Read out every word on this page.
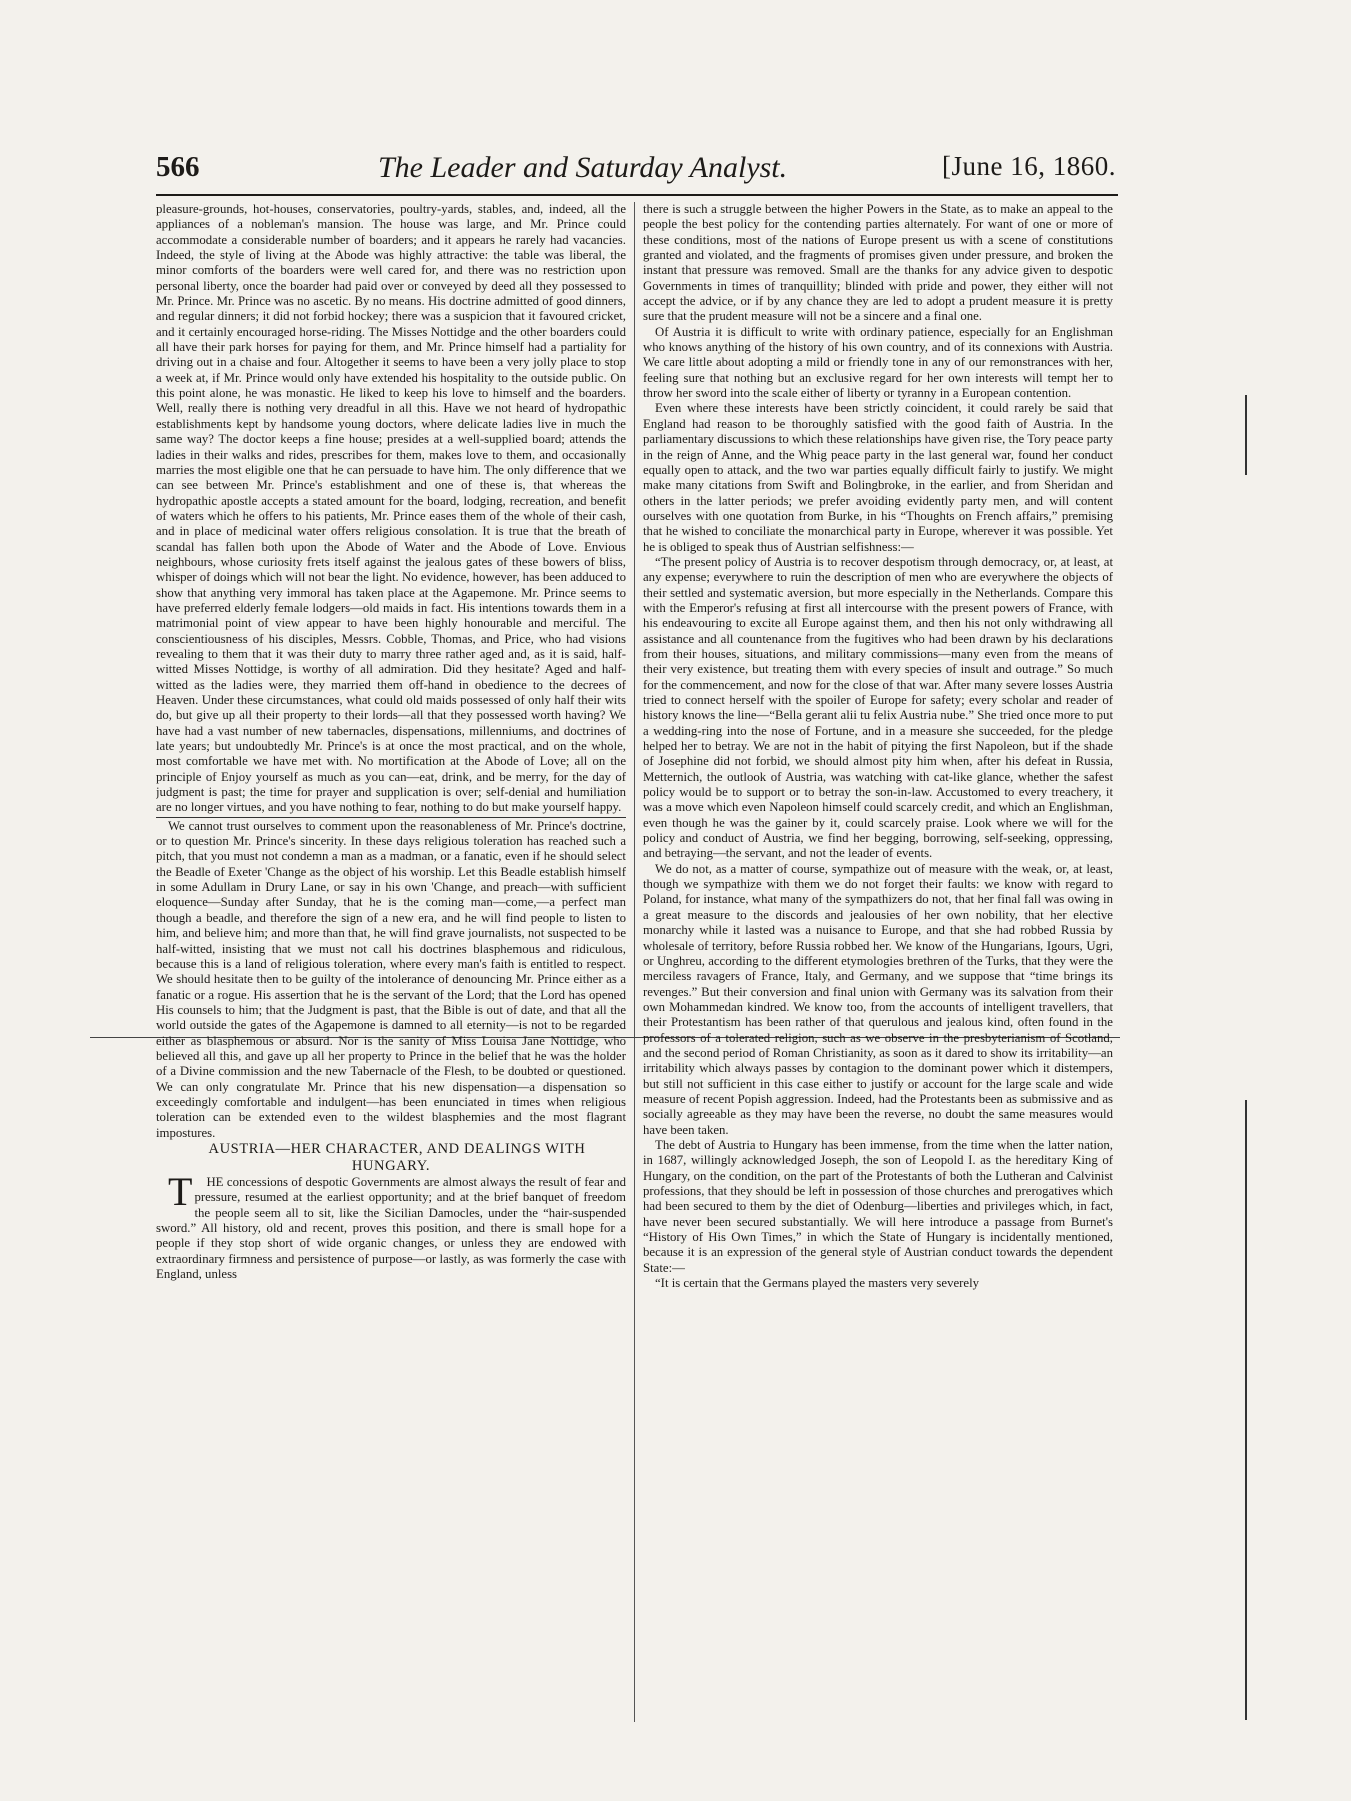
566	The Leader and Saturday Analyst.	[June 16, 1860.

pleasure-grounds, hot-houses, conservatories, poultry-yards, stables, and, indeed, all the appliances of a nobleman's mansion. The house was large, and Mr. Prince could accommodate a considerable number of boarders; and it appears he rarely had vacancies. Indeed, the style of living at the Abode was highly attractive: the table was liberal, the minor comforts of the boarders were well cared for, and there was no restriction upon personal liberty, once the boarder had paid over or conveyed by deed all they possessed to Mr. Prince. Mr. Prince was no ascetic. By no means. His doctrine admitted of good dinners, and regular dinners; it did not forbid hockey; there was a suspicion that it favoured cricket, and it certainly encouraged horse-riding. The Misses Nottidge and the other boarders could all have their park horses for paying for them, and Mr. Prince himself had a partiality for driving out in a chaise and four. Altogether it seems to have been a very jolly place to stop a week at, if Mr. Prince would only have extended his hospitality to the outside public. On this point alone, he was monastic. He liked to keep his love to himself and the boarders. Well, really there is nothing very dreadful in all this. Have we not heard of hydropathic establishments kept by handsome young doctors, where delicate ladies live in much the same way? The doctor keeps a fine house; presides at a well-supplied board; attends the ladies in their walks and rides, prescribes for them, makes love to them, and occasionally marries the most eligible one that he can persuade to have him. The only difference that we can see between Mr. Prince's establishment and one of these is, that whereas the hydropathic apostle accepts a stated amount for the board, lodging, recreation, and benefit of waters which he offers to his patients, Mr. Prince eases them of the whole of their cash, and in place of medicinal water offers religious consolation. It is true that the breath of scandal has fallen both upon the Abode of Water and the Abode of Love. Envious neighbours, whose curiosity frets itself against the jealous gates of these bowers of bliss, whisper of doings which will not bear the light. No evidence, however, has been adduced to show that anything very immoral has taken place at the Agapemone. Mr. Prince seems to have preferred elderly female lodgers—old maids in fact. His intentions towards them in a matrimonial point of view appear to have been highly honourable and merciful. The conscientiousness of his disciples, Messrs. Cobble, Thomas, and Price, who had visions revealing to them that it was their duty to marry three rather aged and, as it is said, half-witted Misses Nottidge, is worthy of all admiration. Did they hesitate? Aged and half-witted as the ladies were, they married them off-hand in obedience to the decrees of Heaven. Under these circumstances, what could old maids possessed of only half their wits do, but give up all their property to their lords—all that they possessed worth having? We have had a vast number of new tabernacles, dispensations, millenniums, and doctrines of late years; but undoubtedly Mr. Prince's is at once the most practical, and on the whole, most comfortable we have met with. No mortification at the Abode of Love; all on the principle of Enjoy yourself as much as you can—eat, drink, and be merry, for the day of judgment is past; the time for prayer and supplication is over; self-denial and humiliation are no longer virtues, and you have nothing to fear, nothing to do but make yourself happy.

We cannot trust ourselves to comment upon the reasonableness of Mr. Prince's doctrine, or to question Mr. Prince's sincerity. In these days religious toleration has reached such a pitch, that you must not condemn a man as a madman, or a fanatic, even if he should select the Beadle of Exeter 'Change as the object of his worship. Let this Beadle establish himself in some Adullam in Drury Lane, or say in his own 'Change, and preach—with sufficient eloquence—Sunday after Sunday, that he is the coming man—come,—a perfect man though a beadle, and therefore the sign of a new era, and he will find people to listen to him, and believe him; and more than that, he will find grave journalists, not suspected to be half-witted, insisting that we must not call his doctrines blasphemous and ridiculous, because this is a land of religious toleration, where every man's faith is entitled to respect. We should hesitate then to be guilty of the intolerance of denouncing Mr. Prince either as a fanatic or a rogue. His assertion that he is the servant of the Lord; that the Lord has opened His counsels to him; that the Judgment is past, that the Bible is out of date, and that all the world outside the gates of the Agapemone is damned to all eternity—is not to be regarded either as blasphemous or absurd. Nor is the sanity of Miss Louisa Jane Nottidge, who believed all this, and gave up all her property to Prince in the belief that he was the holder of a Divine commission and the new Tabernacle of the Flesh, to be doubted or questioned. We can only congratulate Mr. Prince that his new dispensation—a dispensation so exceedingly comfortable and indulgent—has been enunciated in times when religious toleration can be extended even to the wildest blasphemies and the most flagrant impostures.

AUSTRIA—HER CHARACTER, AND DEALINGS WITH HUNGARY.

T HE concessions of despotic Governments are almost always the result of fear and pressure, resumed at the earliest opportunity; and at the brief banquet of freedom the people seem all to sit, like the Sicilian Damocles, under the “hair-suspended sword.” All history, old and recent, proves this position, and there is small hope for a people if they stop short of wide organic changes, or unless they are endowed with extraordinary firmness and persistence of purpose—or lastly, as was formerly the case with England, unless

there is such a struggle between the higher Powers in the State, as to make an appeal to the people the best policy for the contending parties alternately. For want of one or more of these conditions, most of the nations of Europe present us with a scene of constitutions granted and violated, and the fragments of promises given under pressure, and broken the instant that pressure was removed. Small are the thanks for any advice given to despotic Governments in times of tranquillity; blinded with pride and power, they either will not accept the advice, or if by any chance they are led to adopt a prudent measure it is pretty sure that the prudent measure will not be a sincere and a final one.

Of Austria it is difficult to write with ordinary patience, especially for an Englishman who knows anything of the history of his own country, and of its connexions with Austria. We care little about adopting a mild or friendly tone in any of our remonstrances with her, feeling sure that nothing but an exclusive regard for her own interests will tempt her to throw her sword into the scale either of liberty or tyranny in a European contention.

Even where these interests have been strictly coincident, it could rarely be said that England had reason to be thoroughly satisfied with the good faith of Austria. In the parliamentary discussions to which these relationships have given rise, the Tory peace party in the reign of Anne, and the Whig peace party in the last general war, found her conduct equally open to attack, and the two war parties equally difficult fairly to justify. We might make many citations from Swift and Bolingbroke, in the earlier, and from Sheridan and others in the latter periods; we prefer avoiding evidently party men, and will content ourselves with one quotation from Burke, in his “Thoughts on French affairs,” premising that he wished to conciliate the monarchical party in Europe, wherever it was possible. Yet he is obliged to speak thus of Austrian selfishness:—

“The present policy of Austria is to recover despotism through democracy, or, at least, at any expense; everywhere to ruin the description of men who are everywhere the objects of their settled and systematic aversion, but more especially in the Netherlands. Compare this with the Emperor's refusing at first all intercourse with the present powers of France, with his endeavouring to excite all Europe against them, and then his not only withdrawing all assistance and all countenance from the fugitives who had been drawn by his declarations from their houses, situations, and military commissions—many even from the means of their very existence, but treating them with every species of insult and outrage.” So much for the commencement, and now for the close of that war. After many severe losses Austria tried to connect herself with the spoiler of Europe for safety; every scholar and reader of history knows the line—“Bella gerant alii tu felix Austria nube.” She tried once more to put a wedding-ring into the nose of Fortune, and in a measure she succeeded, for the pledge helped her to betray. We are not in the habit of pitying the first Napoleon, but if the shade of Josephine did not forbid, we should almost pity him when, after his defeat in Russia, Metternich, the outlook of Austria, was watching with cat-like glance, whether the safest policy would be to support or to betray the son-in-law. Accustomed to every treachery, it was a move which even Napoleon himself could scarcely credit, and which an Englishman, even though he was the gainer by it, could scarcely praise. Look where we will for the policy and conduct of Austria, we find her begging, borrowing, self-seeking, oppressing, and betraying—the servant, and not the leader of events.

We do not, as a matter of course, sympathize out of measure with the weak, or, at least, though we sympathize with them we do not forget their faults: we know with regard to Poland, for instance, what many of the sympathizers do not, that her final fall was owing in a great measure to the discords and jealousies of her own nobility, that her elective monarchy while it lasted was a nuisance to Europe, and that she had robbed Russia by wholesale of territory, before Russia robbed her. We know of the Hungarians, Igours, Ugri, or Unghreu, according to the different etymologies brethren of the Turks, that they were the merciless ravagers of France, Italy, and Germany, and we suppose that “time brings its revenges.” But their conversion and final union with Germany was its salvation from their own Mohammedan kindred. We know too, from the accounts of intelligent travellers, that their Protestantism has been rather of that querulous and jealous kind, often found in the professors of a tolerated religion, such as we observe in the presbyterianism of Scotland, and the second period of Roman Christianity, as soon as it dared to show its irritability—an irritability which always passes by contagion to the dominant power which it distempers, but still not sufficient in this case either to justify or account for the large scale and wide measure of recent Popish aggression. Indeed, had the Protestants been as submissive and as socially agreeable as they may have been the reverse, no doubt the same measures would have been taken.

The debt of Austria to Hungary has been immense, from the time when the latter nation, in 1687, willingly acknowledged Joseph, the son of Leopold I. as the hereditary King of Hungary, on the condition, on the part of the Protestants of both the Lutheran and Calvinist professions, that they should be left in possession of those churches and prerogatives which had been secured to them by the diet of Odenburg—liberties and privileges which, in fact, have never been secured substantially. We will here introduce a passage from Burnet's “History of His Own Times,” in which the State of Hungary is incidentally mentioned, because it is an expression of the general style of Austrian conduct towards the dependent State:—

“It is certain that the Germans played the masters very severely
